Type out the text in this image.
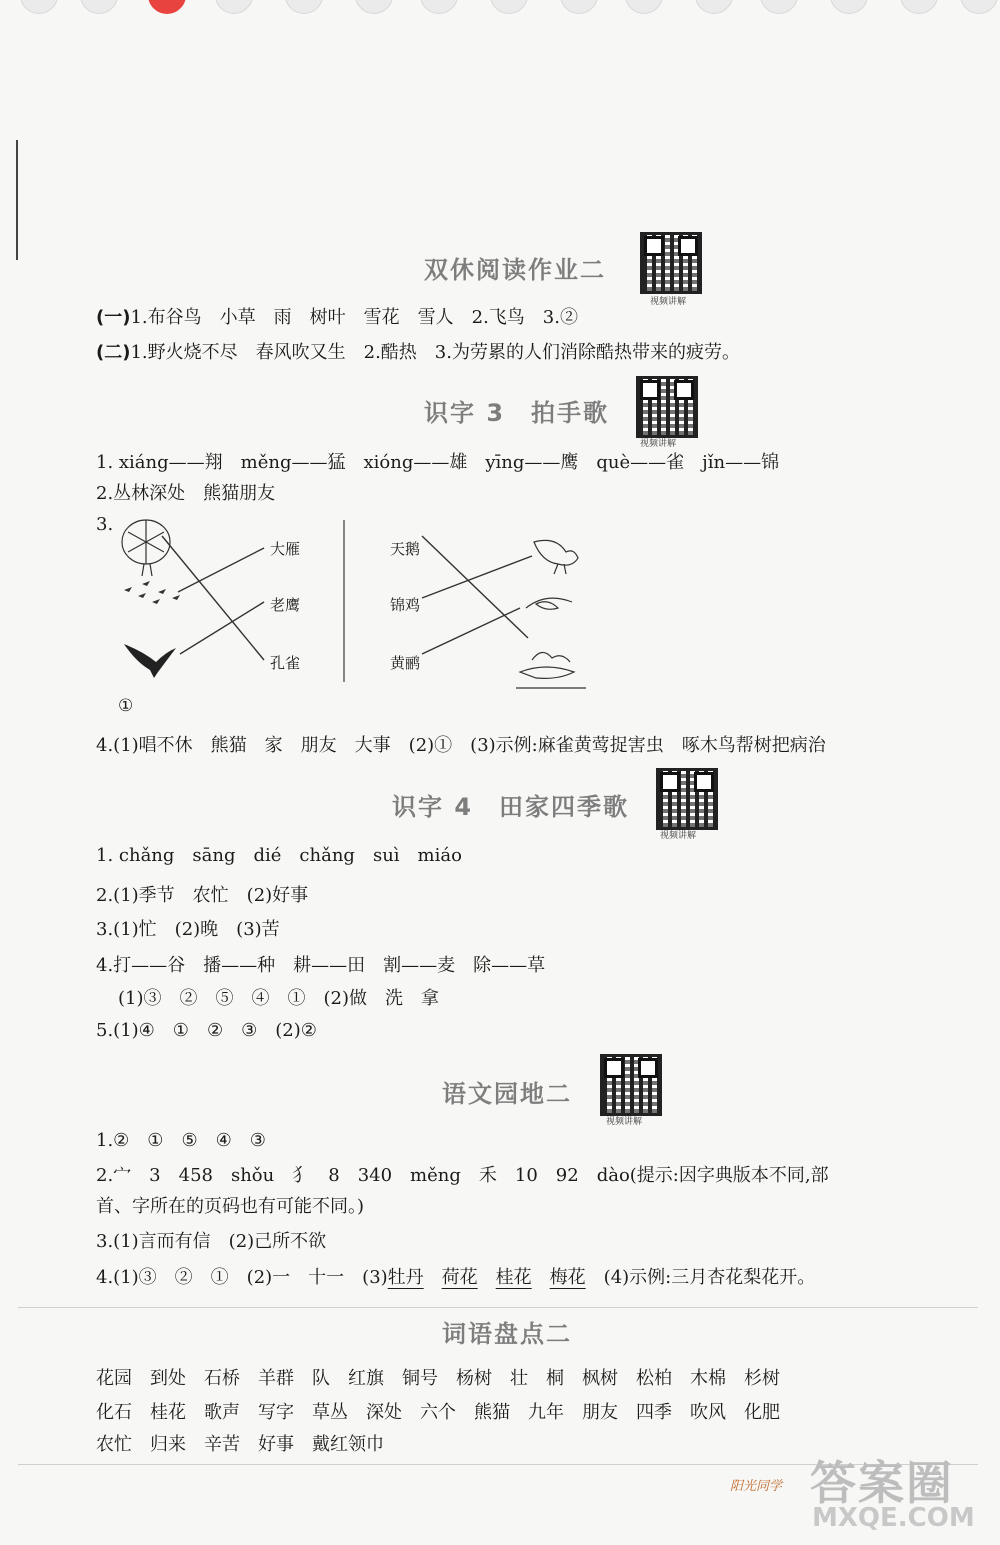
双休阅读作业二
视频讲解
(一)1.布谷鸟　小草　雨　树叶　雪花　雪人　2.飞鸟　3.②
(二)1.野火烧不尽　春风吹又生　2.酷热　3.为劳累的人们消除酷热带来的疲劳。
识字 3　拍手歌
视频讲解
1. xiáng——翔　měng——猛　xióng——雄　yīng——鹰　què——雀　jǐn——锦
2.丛林深处　熊猫朋友
3.
大雁
老鹰
孔雀
天鹅
锦鸡
黄鹂
①
4.(1)唱不休　熊猫　家　朋友　大事　(2)①　(3)示例:麻雀黄莺捉害虫　啄木鸟帮树把病治
识字 4　田家四季歌
视频讲解
1. chǎng　sāng　dié　chǎng　suì　miáo
2.(1)季节　农忙　(2)好事
3.(1)忙　(2)晚　(3)苦
4.打——谷　播——种　耕——田　割——麦　除——草
(1)③　②　⑤　④　①　(2)做　洗　拿
5.(1)④　①　②　③　(2)②
语文园地二
视频讲解
1.②　①　⑤　④　③
2.宀　3　458　shǒu　犭　8　340　měng　禾　10　92　dào(提示:因字典版本不同,部
首、字所在的页码也有可能不同。)
3.(1)言而有信　(2)己所不欲
4.(1)③　②　①　(2)一　十一　(3)牡丹　 荷花　 桂花　 梅花　 (4)示例:三月杏花梨花开。
词语盘点二
花园　到处　石桥　羊群　队　红旗　铜号　杨树　壮　桐　枫树　松柏　木棉　杉树
化石　桂花　歌声　写字　草丛　深处　六个　熊猫　九年　朋友　四季　吹风　化肥
农忙　归来　辛苦　好事　戴红领巾
阳光同学 答案圈
MXQE.COM
